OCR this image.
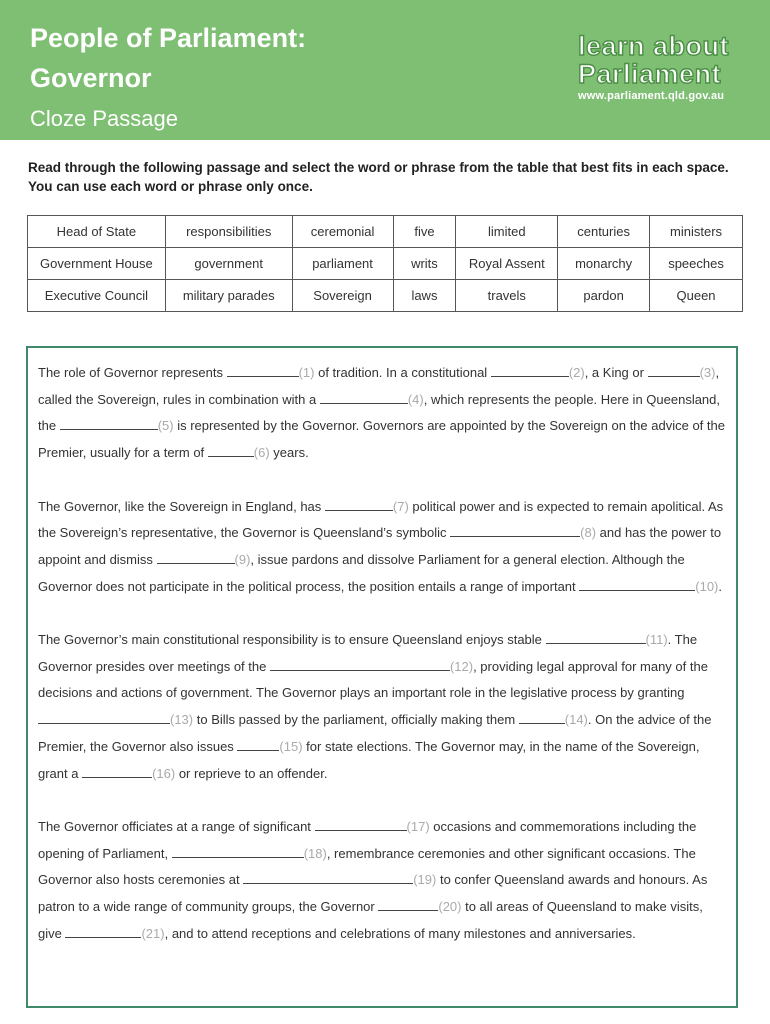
People of Parliament: Governor
Cloze Passage
learn about
Parliament
www.parliament.qld.gov.au
Read through the following passage and select the word or phrase from the table that best fits in each space. You can use each word or phrase only once.
Head of State	responsibilities	ceremonial	five	limited	centuries	ministers
Government House	government	parliament	writs	Royal Assent	monarchy	speeches
Executive Council	military parades	Sovereign	laws	travels	pardon	Queen

The role of Governor represents	(1) of tradition. In a constitutional	(2), a King or	(3), called the Sovereign, rules in combination with a	(4), which represents the people. Here in Queensland, the	(5) is represented by the Governor. Governors are appointed by the Sovereign on the advice of the Premier, usually for a term of	(6) years.

The Governor, like the Sovereign in England, has	(7) political power and is expected to remain apolitical. As the Sovereign’s representative, the Governor is Queensland’s symbolic	(8) and has the power to appoint and dismiss	(9), issue pardons and dissolve Parliament for a general election. Although the Governor does not participate in the political process, the position entails a range of important	(10).

The Governor’s main constitutional responsibility is to ensure Queensland enjoys stable	(11). The Governor presides over meetings of the	(12), providing legal approval for many of the decisions and actions of government. The Governor plays an important role in the legislative process by granting (13) to Bills passed by the parliament, officially making them	(14). On the advice of the Premier, the Governor also issues	(15) for state elections. The Governor may, in the name of the Sovereign, grant a	(16) or reprieve to an offender.

The Governor officiates at a range of significant	(17) occasions and commemorations including the opening of Parliament,	(18), remembrance ceremonies and other significant occasions. The Governor also hosts ceremonies at	(19) to confer Queensland awards and honours. As patron to a wide range of community groups, the Governor	(20) to all areas of Queensland to make visits, give	(21), and to attend receptions and celebrations of many milestones and anniversaries.
